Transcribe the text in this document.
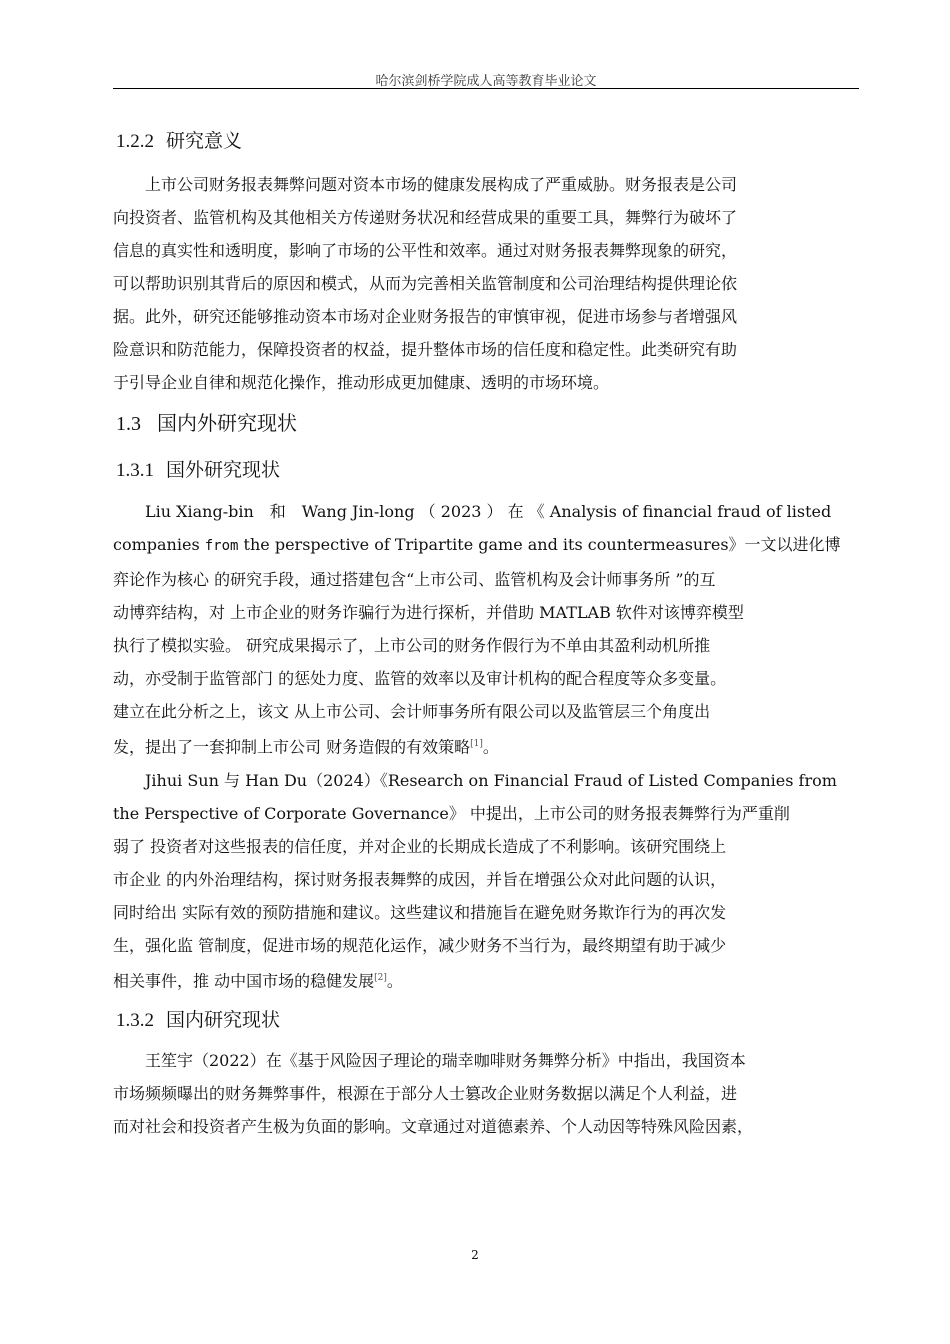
哈尔滨剑桥学院成人高等教育毕业论文
1.2.2 研究意义
　　上市公司财务报表舞弊问题对资本市场的健康发展构成了严重威胁。财务报表是公司
向投资者、监管机构及其他相关方传递财务状况和经营成果的重要工具，舞弊行为破坏了
信息的真实性和透明度，影响了市场的公平性和效率。通过对财务报表舞弊现象的研究，
可以帮助识别其背后的原因和模式，从而为完善相关监管制度和公司治理结构提供理论依
据。此外，研究还能够推动资本市场对企业财务报告的审慎审视，促进市场参与者增强风
险意识和防范能力，保障投资者的权益，提升整体市场的信任度和稳定性。此类研究有助
于引导企业自律和规范化操作，推动形成更加健康、透明的市场环境。
1.3 国内外研究现状
1.3.1 国外研究现状
　　Liu Xiang-bin　和　Wang Jin-long （ 2023 ） 在 《 Analysis of financial fraud of listed
companies from the perspective of Tripartite game and its countermeasures》一文以进化博
弈论作为核心 的研究手段，通过搭建包含“上市公司、监管机构及会计师事务所 ”的互
动博弈结构，对 上市企业的财务诈骗行为进行探析，并借助 MATLAB 软件对该博弈模型
执行了模拟实验。 研究成果揭示了，上市公司的财务作假行为不单由其盈利动机所推
动，亦受制于监管部门 的惩处力度、监管的效率以及审计机构的配合程度等众多变量。
建立在此分析之上，该文 从上市公司、会计师事务所有限公司以及监管层三个角度出
发，提出了一套抑制上市公司 财务造假的有效策略[1]。
　　Jihui Sun 与 Han Du（2024）《Research on Financial Fraud of Listed Companies from
the Perspective of Corporate Governance》 中提出，上市公司的财务报表舞弊行为严重削
弱了 投资者对这些报表的信任度，并对企业的长期成长造成了不利影响。该研究围绕上
市企业 的内外治理结构，探讨财务报表舞弊的成因，并旨在增强公众对此问题的认识，
同时给出 实际有效的预防措施和建议。这些建议和措施旨在避免财务欺诈行为的再次发
生，强化监 管制度，促进市场的规范化运作，减少财务不当行为，最终期望有助于减少
相关事件，推 动中国市场的稳健发展[2]。
1.3.2 国内研究现状
　　王笙宇（2022）在《基于风险因子理论的瑞幸咖啡财务舞弊分析》中指出，我国资本
市场频频曝出的财务舞弊事件，根源在于部分人士篡改企业财务数据以满足个人利益，进
而对社会和投资者产生极为负面的影响。文章通过对道德素养、个人动因等特殊风险因素，
2
